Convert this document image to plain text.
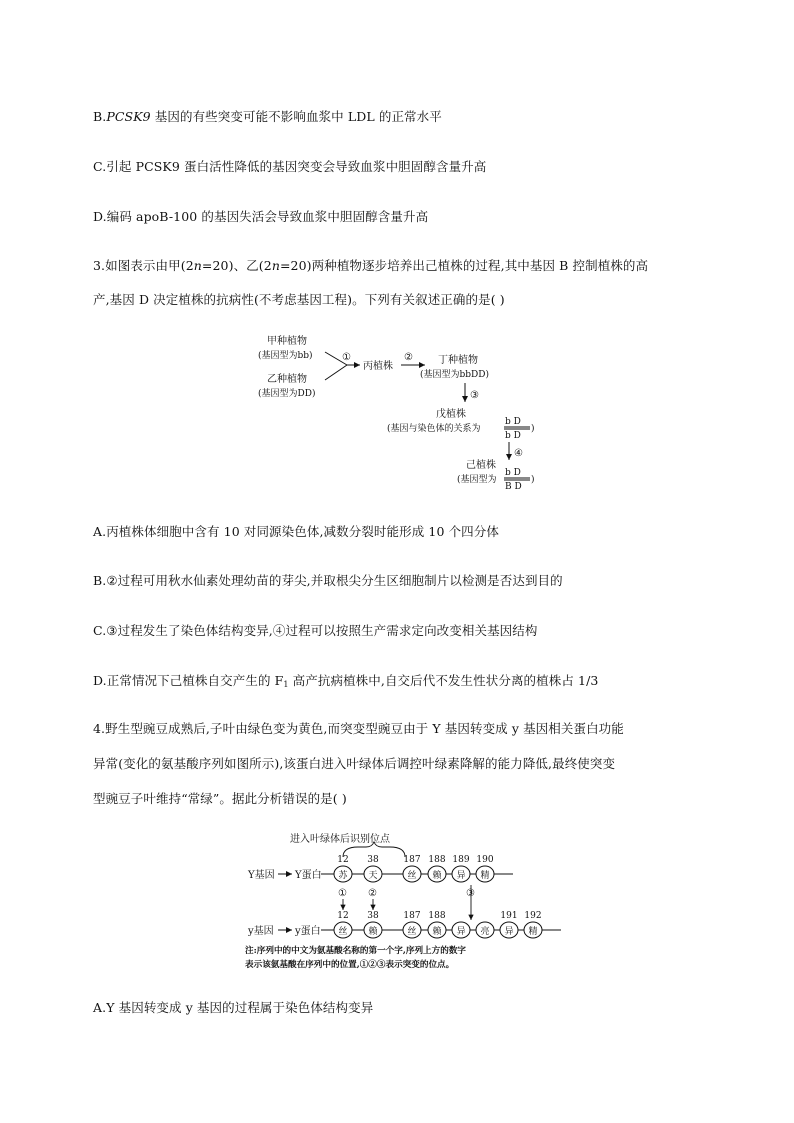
B.PCSK9 基因的有些突变可能不影响血浆中 LDL 的正常水平
C.引起 PCSK9 蛋白活性降低的基因突变会导致血浆中胆固醇含量升高
D.编码 apoB-100 的基因失活会导致血浆中胆固醇含量升高
3.如图表示由甲(2n=20)、乙(2n=20)两种植物逐步培养出己植株的过程,其中基因 B 控制植株的高
产,基因 D 决定植株的抗病性(不考虑基因工程)。下列有关叙述正确的是( )
甲种植物
(基因型为bb)
乙种植物
(基因型为DD)
①
丙植株
②	丁种植物
(基因型为bbDD)
③
戊植株
(基因与染色体的关系为
b D
b D
)
④
己植株
(基因型为
b D
B D
)
A.丙植株体细胞中含有 10 对同源染色体,减数分裂时能形成 10 个四分体
B.②过程可用秋水仙素处理幼苗的芽尖,并取根尖分生区细胞制片以检测是否达到目的
C.③过程发生了染色体结构变异,④过程可以按照生产需求定向改变相关基因结构
D.正常情况下己植株自交产生的 $F_1$ 高产抗病植株中,自交后代不发生性状分离的植株占 1/3
4.野生型豌豆成熟后,子叶由绿色变为黄色,而突变型豌豆由于 Y 基因转变成 y 基因相关蛋白功能
异常(变化的氨基酸序列如图所示),该蛋白进入叶绿体后调控叶绿素降解的能力降低,最终使突变
型豌豆子叶维持“常绿”。据此分析错误的是( )
进入叶绿体后识别位点
Y基因 Y蛋白 苏 天	丝 赖 异 精
12 38	187 188 189 190
y基因 y蛋白 丝 赖	丝 赖 异 亮 异 精
12 38	187 188	191 192
① ②	③
注:序列中的中文为氨基酸名称的第一个字,序列上方的数字
表示该氨基酸在序列中的位置,①②③表示突变的位点。
A.Y 基因转变成 y 基因的过程属于染色体结构变异
